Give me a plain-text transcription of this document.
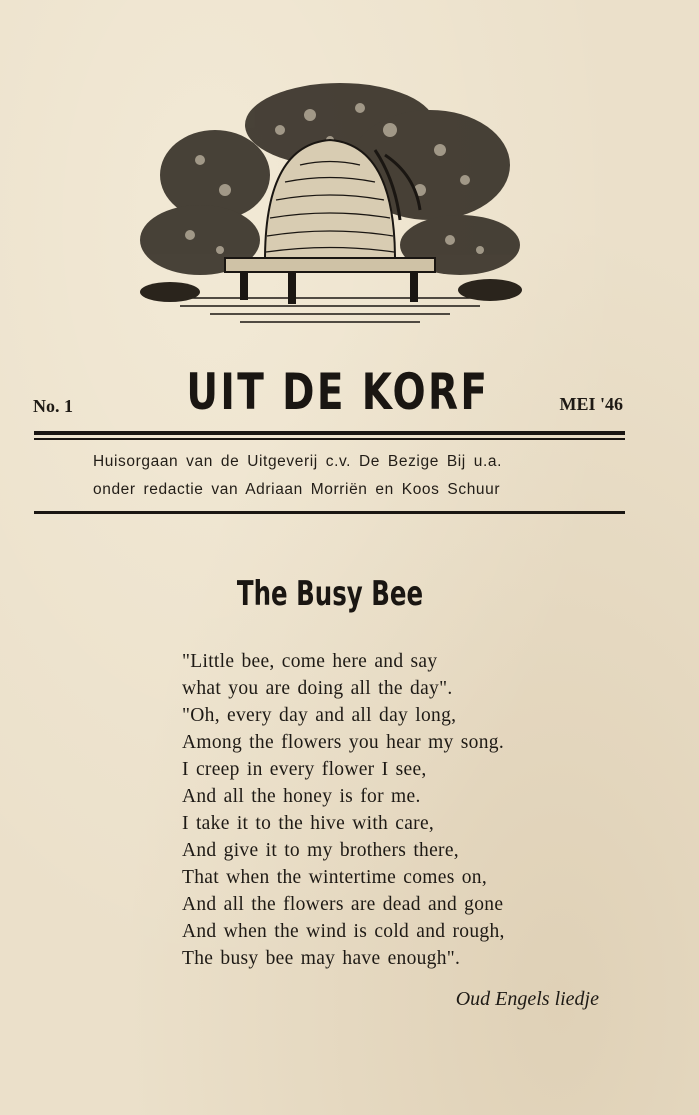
No. 1	UIT DE KORF	MEI '46
Huisorgaan van de Uitgeverij c.v. De Bezige Bij u.a.
onder redactie van Adriaan Morriën en Koos Schuur
The Busy Bee
"Little bee, come here and say
what you are doing all the day".
"Oh, every day and all day long,
Among the flowers you hear my song.
I creep in every flower I see,
And all the honey is for me.
I take it to the hive with care,
And give it to my brothers there,
That when the wintertime comes on,
And all the flowers are dead and gone
And when the wind is cold and rough,
The busy bee may have enough".
Oud Engels liedje
